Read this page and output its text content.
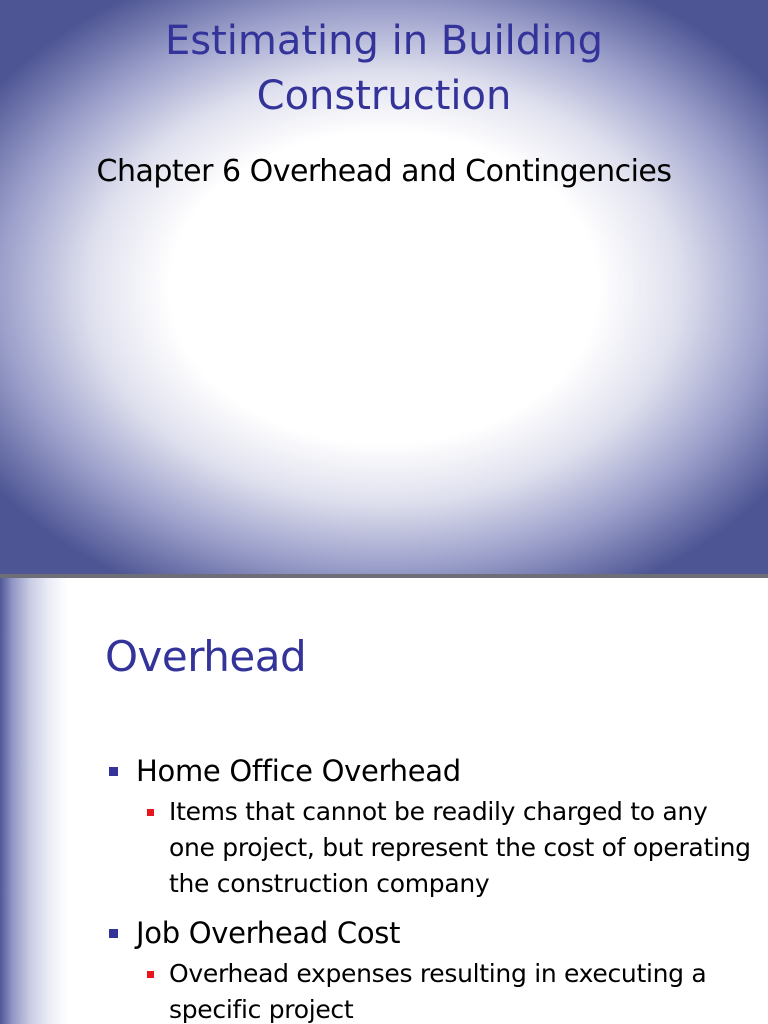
Estimating in Building
Construction
Chapter 6 Overhead and Contingencies
Overhead
Home Office Overhead
Items that cannot be readily charged to any one project, but represent the cost of operating the construction company
Job Overhead Cost
Overhead expenses resulting in executing a specific project
